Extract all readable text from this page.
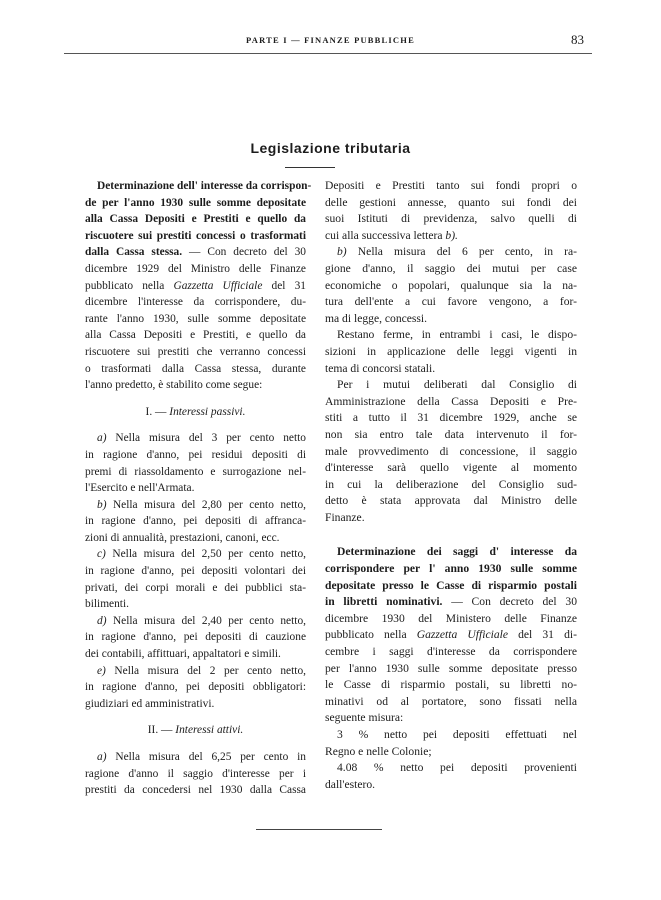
PARTE I — FINANZE PUBBLICHE	83
Legislazione tributaria
Determinazione dell' interesse da corrispon-
de per l'anno 1930 sulle somme depositate
alla Cassa Depositi e Prestiti e quello da
riscuotere sui prestiti concessi o trasformati
dalla Cassa stessa. — Con decreto del 30
dicembre 1929 del Ministro delle Finanze
pubblicato nella Gazzetta Ufficiale del 31
dicembre l'interesse da corrispondere, du-
rante l'anno 1930, sulle somme depositate
alla Cassa Depositi e Prestiti, e quello da
riscuotere sui prestiti che verranno concessi
o trasformati dalla Cassa stessa, durante
l'anno predetto, è stabilito come segue:
I. — Interessi passivi.
a) Nella misura del 3 per cento netto
in ragione d'anno, pei residui depositi di
premi di riassoldamento e surrogazione nel-
l'Esercito e nell'Armata.
b) Nella misura del 2,80 per cento netto,
in ragione d'anno, pei depositi di affranca-
zioni di annualità, prestazioni, canoni, ecc.
c) Nella misura del 2,50 per cento netto,
in ragione d'anno, pei depositi volontari dei
privati, dei corpi morali e dei pubblici sta-
bilimenti.
d) Nella misura del 2,40 per cento netto,
in ragione d'anno, pei depositi di cauzione
dei contabili, affittuari, appaltatori e simili.
e) Nella misura del 2 per cento netto,
in ragione d'anno, pei depositi obbligatori:
giudiziari ed amministrativi.
II. — Interessi attivi.
a) Nella misura del 6,25 per cento in
ragione d'anno il saggio d'interesse per i
prestiti da concedersi nel 1930 dalla Cassa
Depositi e Prestiti tanto sui fondi propri o
delle gestioni annesse, quanto sui fondi dei
suoi Istituti di previdenza, salvo quelli di
cui alla successiva lettera b).
b) Nella misura del 6 per cento, in ra-
gione d'anno, il saggio dei mutui per case
economiche o popolari, qualunque sia la na-
tura dell'ente a cui favore vengono, a for-
ma di legge, concessi.
Restano ferme, in entrambi i casi, le dispo-
sizioni in applicazione delle leggi vigenti in
tema di concorsi statali.
Per i mutui deliberati dal Consiglio di
Amministrazione della Cassa Depositi e Pre-
stiti a tutto il 31 dicembre 1929, anche se
non sia entro tale data intervenuto il for-
male provvedimento di concessione, il saggio
d'interesse sarà quello vigente al momento
in cui la deliberazione del Consiglio sud-
detto è stata approvata dal Ministro delle
Finanze.
Determinazione dei saggi d' interesse da
corrispondere per l' anno 1930 sulle somme
depositate presso le Casse di risparmio postali
in libretti nominativi. — Con decreto del 30
dicembre 1930 del Ministero delle Finanze
pubblicato nella Gazzetta Ufficiale del 31 di-
cembre i saggi d'interesse da corrispondere
per l'anno 1930 sulle somme depositate presso
le Casse di risparmio postali, su libretti no-
minativi od al portatore, sono fissati nella
seguente misura:
3 % netto pei depositi effettuati nel
Regno e nelle Colonie;
4.08 % netto pei depositi provenienti
dall'estero.
